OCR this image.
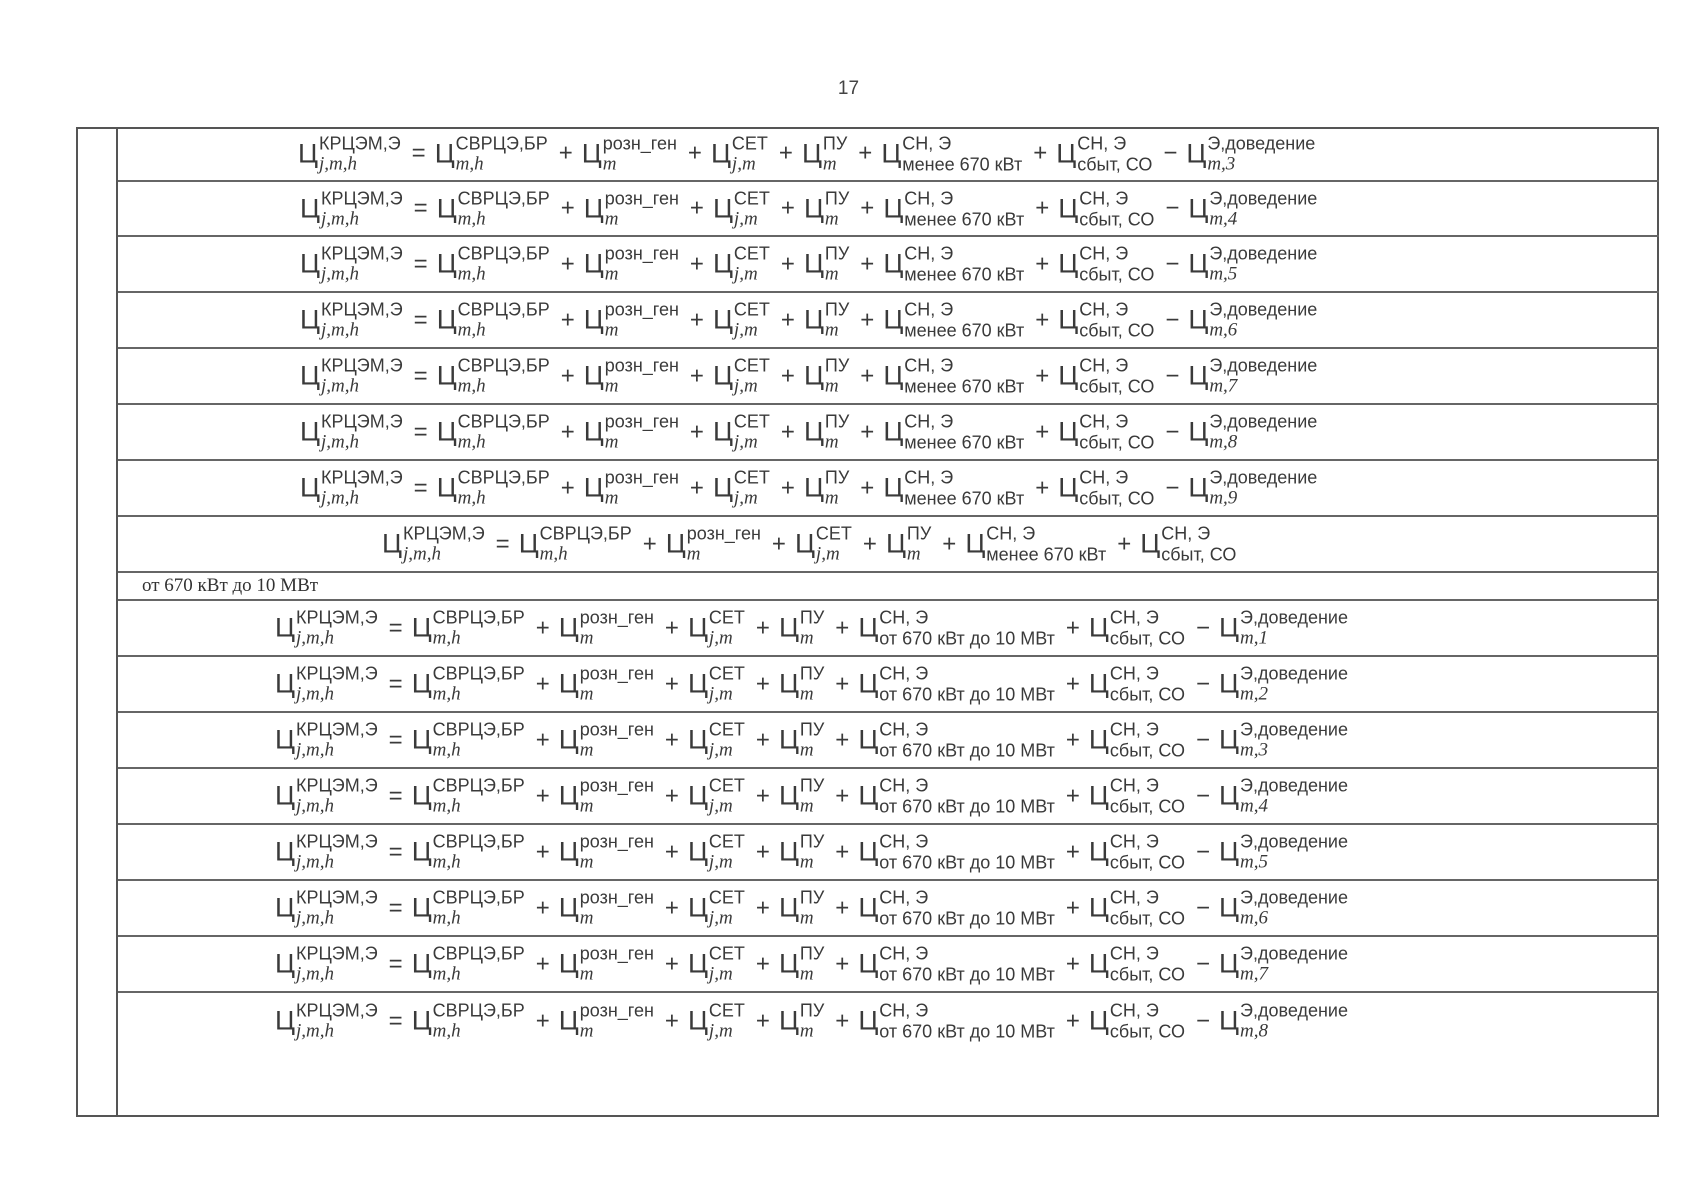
17
Ц КРЦЭМ,Э
j,m,h	= Ц СВРЦЭ,БР
m,h	+ Ц розн_ген
m	+ Ц СЕТ
j,m + Ц ПУ
m + Ц СН, Э
менее 670 кВт + Ц СН, Э
сбыт, СО − Ц Э,доведение
m,3
Ц КРЦЭМ,Э
j,m,h	= Ц СВРЦЭ,БР
m,h	+ Ц розн_ген
m	+ Ц СЕТ
j,m + Ц ПУ
m + Ц СН, Э
менее 670 кВт + Ц СН, Э
сбыт, СО − Ц Э,доведение
m,4
Ц КРЦЭМ,Э
j,m,h	= Ц СВРЦЭ,БР
m,h	+ Ц розн_ген
m	+ Ц СЕТ
j,m + Ц ПУ
m + Ц СН, Э
менее 670 кВт + Ц СН, Э
сбыт, СО − Ц Э,доведение
m,5
Ц КРЦЭМ,Э
j,m,h	= Ц СВРЦЭ,БР
m,h	+ Ц розн_ген
m	+ Ц СЕТ
j,m + Ц ПУ
m + Ц СН, Э
менее 670 кВт + Ц СН, Э
сбыт, СО − Ц Э,доведение
m,6
Ц КРЦЭМ,Э
j,m,h	= Ц СВРЦЭ,БР
m,h	+ Ц розн_ген
m	+ Ц СЕТ
j,m + Ц ПУ
m + Ц СН, Э
менее 670 кВт + Ц СН, Э
сбыт, СО − Ц Э,доведение
m,7
Ц КРЦЭМ,Э
j,m,h	= Ц СВРЦЭ,БР
m,h	+ Ц розн_ген
m	+ Ц СЕТ
j,m + Ц ПУ
m + Ц СН, Э
менее 670 кВт + Ц СН, Э
сбыт, СО − Ц Э,доведение
m,8
Ц КРЦЭМ,Э
j,m,h	= Ц СВРЦЭ,БР
m,h	+ Ц розн_ген
m	+ Ц СЕТ
j,m + Ц ПУ
m + Ц СН, Э
менее 670 кВт + Ц СН, Э
сбыт, СО − Ц Э,доведение
m,9
Ц КРЦЭМ,Э
j,m,h	= Ц СВРЦЭ,БР
m,h	+ Ц розн_ген
m	+ Ц СЕТ
j,m + Ц ПУ
m + Ц СН, Э
менее 670 кВт + Ц СН, Э
сбыт, СО
от 670 кВт до 10 МВт
Ц КРЦЭМ,Э
j,m,h	= Ц СВРЦЭ,БР
m,h	+ Ц розн_ген
m	+ Ц СЕТ
j,m + Ц ПУ
m + Ц СН, Э
от 670 кВт до 10 МВт + Ц СН, Э
сбыт, СО − Ц Э,доведение
m,1
Ц КРЦЭМ,Э
j,m,h	= Ц СВРЦЭ,БР
m,h	+ Ц розн_ген
m	+ Ц СЕТ
j,m + Ц ПУ
m + Ц СН, Э
от 670 кВт до 10 МВт + Ц СН, Э
сбыт, СО − Ц Э,доведение
m,2
Ц КРЦЭМ,Э
j,m,h	= Ц СВРЦЭ,БР
m,h	+ Ц розн_ген
m	+ Ц СЕТ
j,m + Ц ПУ
m + Ц СН, Э
от 670 кВт до 10 МВт + Ц СН, Э
сбыт, СО − Ц Э,доведение
m,3
Ц КРЦЭМ,Э
j,m,h	= Ц СВРЦЭ,БР
m,h	+ Ц розн_ген
m	+ Ц СЕТ
j,m + Ц ПУ
m + Ц СН, Э
от 670 кВт до 10 МВт + Ц СН, Э
сбыт, СО − Ц Э,доведение
m,4
Ц КРЦЭМ,Э
j,m,h	= Ц СВРЦЭ,БР
m,h	+ Ц розн_ген
m	+ Ц СЕТ
j,m + Ц ПУ
m + Ц СН, Э
от 670 кВт до 10 МВт + Ц СН, Э
сбыт, СО − Ц Э,доведение
m,5
Ц КРЦЭМ,Э
j,m,h	= Ц СВРЦЭ,БР
m,h	+ Ц розн_ген
m	+ Ц СЕТ
j,m + Ц ПУ
m + Ц СН, Э
от 670 кВт до 10 МВт + Ц СН, Э
сбыт, СО − Ц Э,доведение
m,6
Ц КРЦЭМ,Э
j,m,h	= Ц СВРЦЭ,БР
m,h	+ Ц розн_ген
m	+ Ц СЕТ
j,m + Ц ПУ
m + Ц СН, Э
от 670 кВт до 10 МВт + Ц СН, Э
сбыт, СО − Ц Э,доведение
m,7
Ц КРЦЭМ,Э
j,m,h	= Ц СВРЦЭ,БР
m,h	+ Ц розн_ген
m	+ Ц СЕТ
j,m + Ц ПУ
m + Ц СН, Э
от 670 кВт до 10 МВт + Ц СН, Э
сбыт, СО − Ц Э,доведение
m,8
